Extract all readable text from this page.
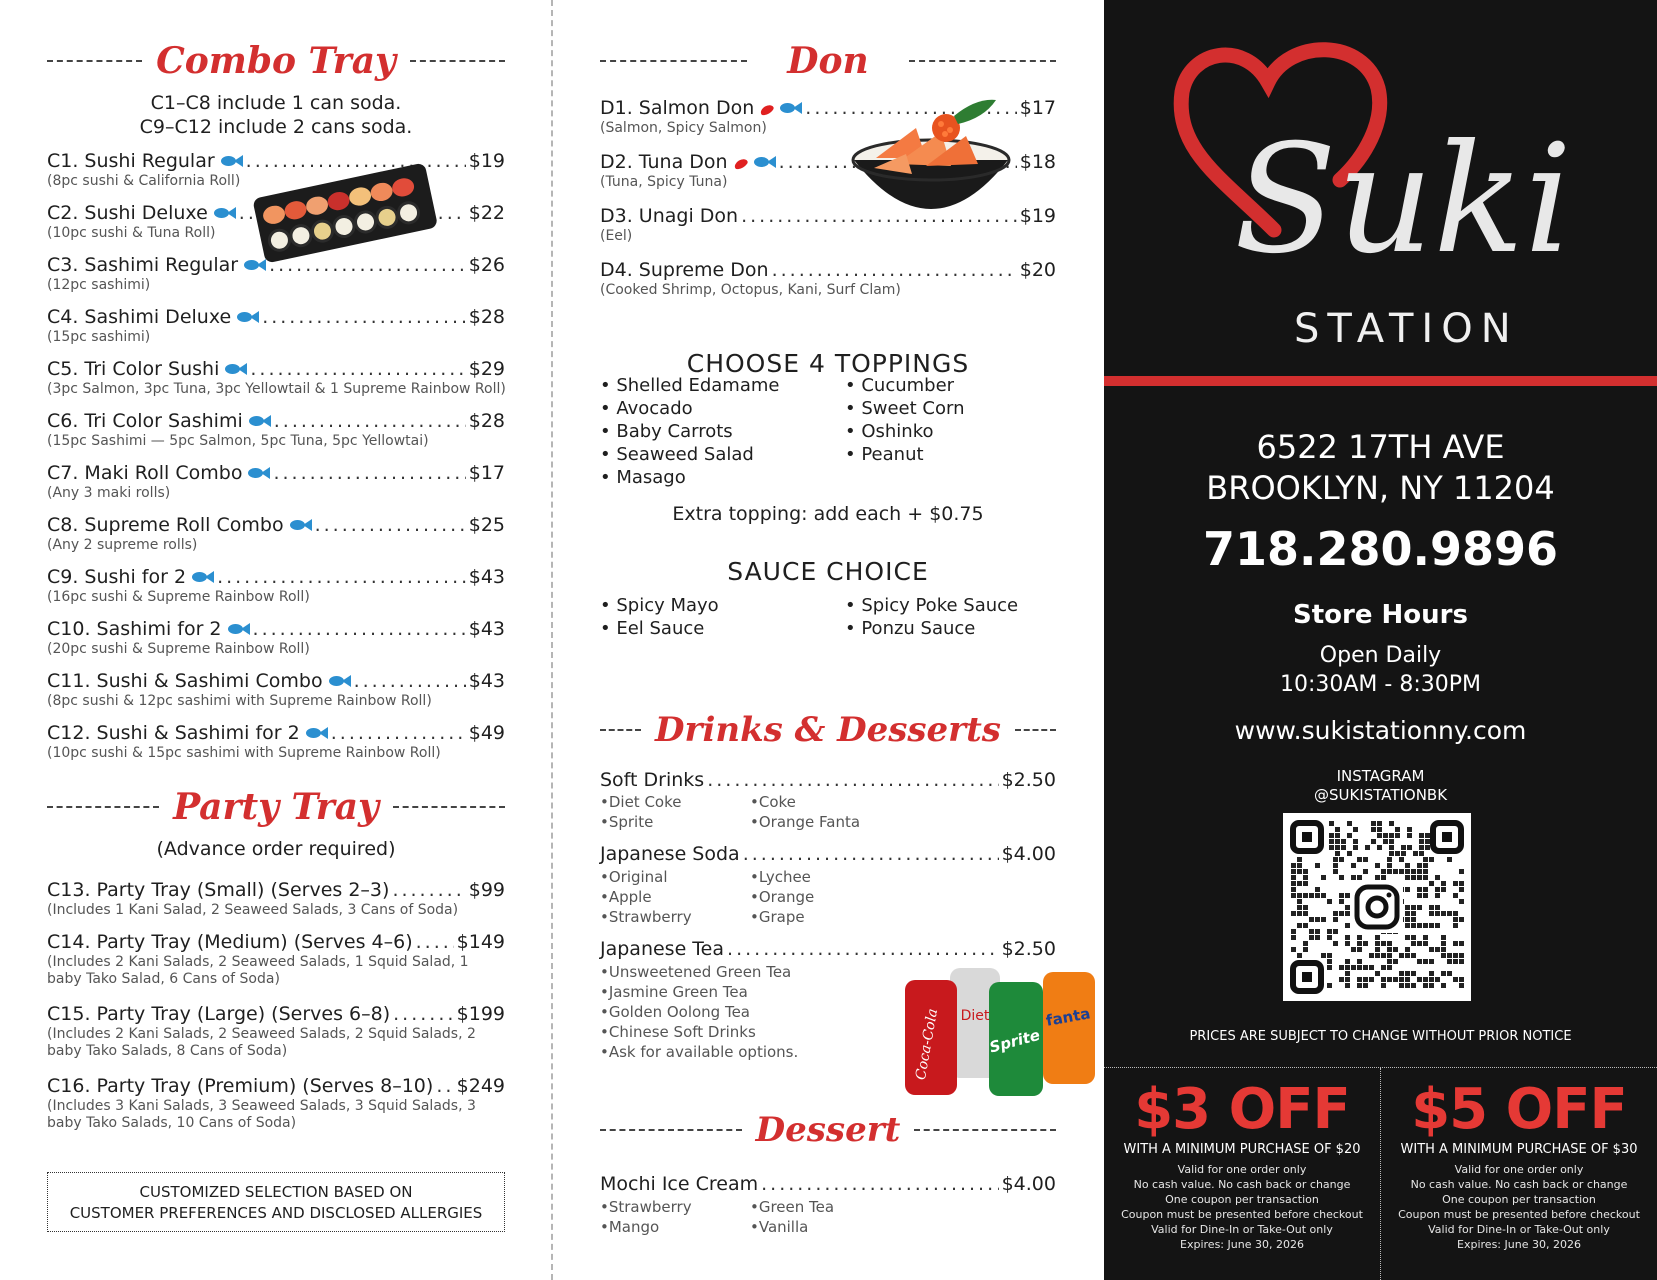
Combo Tray
C1–C8 include 1 can soda.
C9–C12 include 2 cans soda.
C1. Sushi Regular .....	$19
(8pc sushi & California Roll)
C2. Sushi Deluxe .....	$22
(10pc sushi & Tuna Roll)
C3. Sashimi Regular .....	$26
(12pc sashimi)
C4. Sashimi Deluxe .....	$28
(15pc sashimi)
C5. Tri Color Sushi .....	$29
(3pc Salmon, 3pc Tuna, 3pc Yellowtail & 1 Supreme Rainbow Roll)
C6. Tri Color Sashimi .....	$28
(15pc Sashimi — 5pc Salmon, 5pc Tuna, 5pc Yellowtai)
C7. Maki Roll Combo .....	$17
(Any 3 maki rolls)
C8. Supreme Roll Combo .....	$25
(Any 2 supreme rolls)
C9. Sushi for 2 .....	$43
(16pc sushi & Supreme Rainbow Roll)
C10. Sashimi for 2 .....	$43
(20pc sushi & Supreme Rainbow Roll)
C11. Sushi & Sashimi Combo .....	$43
(8pc sushi & 12pc sashimi with Supreme Rainbow Roll)
C12. Sushi & Sashimi for 2 .....	$49
(10pc sushi & 15pc sashimi with Supreme Rainbow Roll)
Party Tray
(Advance order required)
C13. Party Tray (Small) (Serves 2–3) .....	$99
(Includes 1 Kani Salad, 2 Seaweed Salads, 3 Cans of Soda)
C14. Party Tray (Medium) (Serves 4–6) ..... $149
(Includes 2 Kani Salads, 2 Seaweed Salads, 1 Squid Salad, 1
baby Tako Salad, 6 Cans of Soda)
C15. Party Tray (Large) (Serves 6–8) .....	$199
(Includes 2 Kani Salads, 2 Seaweed Salads, 2 Squid Salads, 2
baby Tako Salads, 8 Cans of Soda)
C16. Party Tray (Premium) (Serves 8–10) ..... $249
(Includes 3 Kani Salads, 3 Seaweed Salads, 3 Squid Salads, 3
baby Tako Salads, 10 Cans of Soda)
CUSTOMIZED SELECTION BASED ON
CUSTOMER PREFERENCES AND DISCLOSED ALLERGIES
Don
D1. Salmon Don .....	$17
(Salmon, Spicy Salmon)
D2. Tuna Don .....	$18
(Tuna, Spicy Tuna)
D3. Unagi Don .....	$19
(Eel)
D4. Supreme Don .....	$20
(Cooked Shrimp, Octopus, Kani, Surf Clam)
CHOOSE 4 TOPPINGS
• Shelled Edamame
• Avocado
• Baby Carrots
• Seaweed Salad
• Masago
• Cucumber
• Sweet Corn
• Oshinko
• Peanut
Extra topping: add each + $0.75
SAUCE CHOICE
• Spicy Mayo
• Eel Sauce
• Spicy Poke Sauce
• Ponzu Sauce
Drinks & Desserts
Soft Drinks .....	$2.50
•Diet Coke	•Coke
•Sprite	•Orange Fanta
Japanese Soda .....	$4.00
•Original	•Lychee
•Apple	•Orange
•Strawberry	•Grape
Japanese Tea .....	$2.50
•Unsweetened Green Tea
•Jasmine Green Tea
•Golden Oolong Tea
•Chinese Soft Drinks
•Ask for available options.	Coca-Cola Diet
Sprite
fanta
Dessert
Mochi Ice Cream .....	$4.00
•Strawberry	•Green Tea
•Mango	•Vanilla
Suki
STATION
6522 17TH AVE
BROOKLYN, NY 11204
718.280.9896
Store Hours
Open Daily
10:30AM - 8:30PM
www.sukistationny.com
INSTAGRAM
@SUKISTATIONBK
PRICES ARE SUBJECT TO CHANGE WITHOUT PRIOR NOTICE
$3 OFF
WITH A MINIMUM PURCHASE OF $20
Valid for one order only
No cash value. No cash back or change
One coupon per transaction
Coupon must be presented before checkout
Valid for Dine-In or Take-Out only
Expires: June 30, 2026
$5 OFF
WITH A MINIMUM PURCHASE OF $30
Valid for one order only
No cash value. No cash back or change
One coupon per transaction
Coupon must be presented before checkout
Valid for Dine-In or Take-Out only
Expires: June 30, 2026
